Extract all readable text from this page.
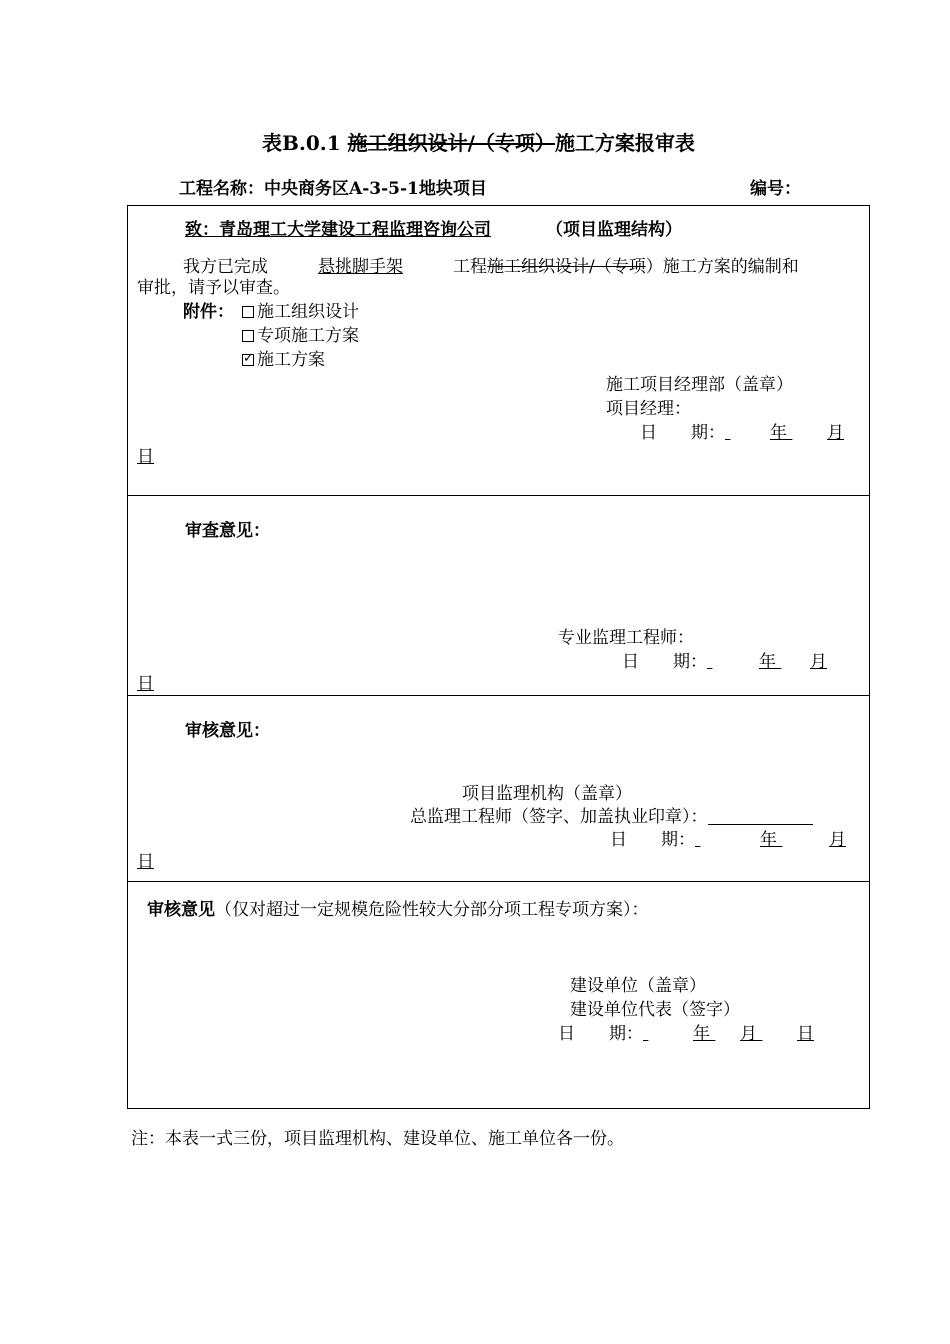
表B.0.1 施工组织设计/（专项）施工方案报审表
工程名称：中央商务区A-3-5-1地块项目	编号：
致：青岛理工大学建设工程监理咨询公司	（项目监理结构）
我方已完成	悬挑脚手架	工程施工组织设计/（专项）施工方案的编制和
审批，请予以审查。
附件：	施工组织设计
专项施工方案
✓施工方案
施工项目经理部（盖章）
项目经理：
日　　期：	年 月
日
审查意见：
专业监理工程师：
日　　期：	年 月
日
审核意见：
项目监理机构（盖章）
总监理工程师（签字、加盖执业印章）：
日　　期：	年	月
日
审核意见（仅对超过一定规模危险性较大分部分项工程专项方案）：
建设单位（盖章）
建设单位代表（签字）
日　　期：	年 月 日
注：本表一式三份，项目监理机构、建设单位、施工单位各一份。
